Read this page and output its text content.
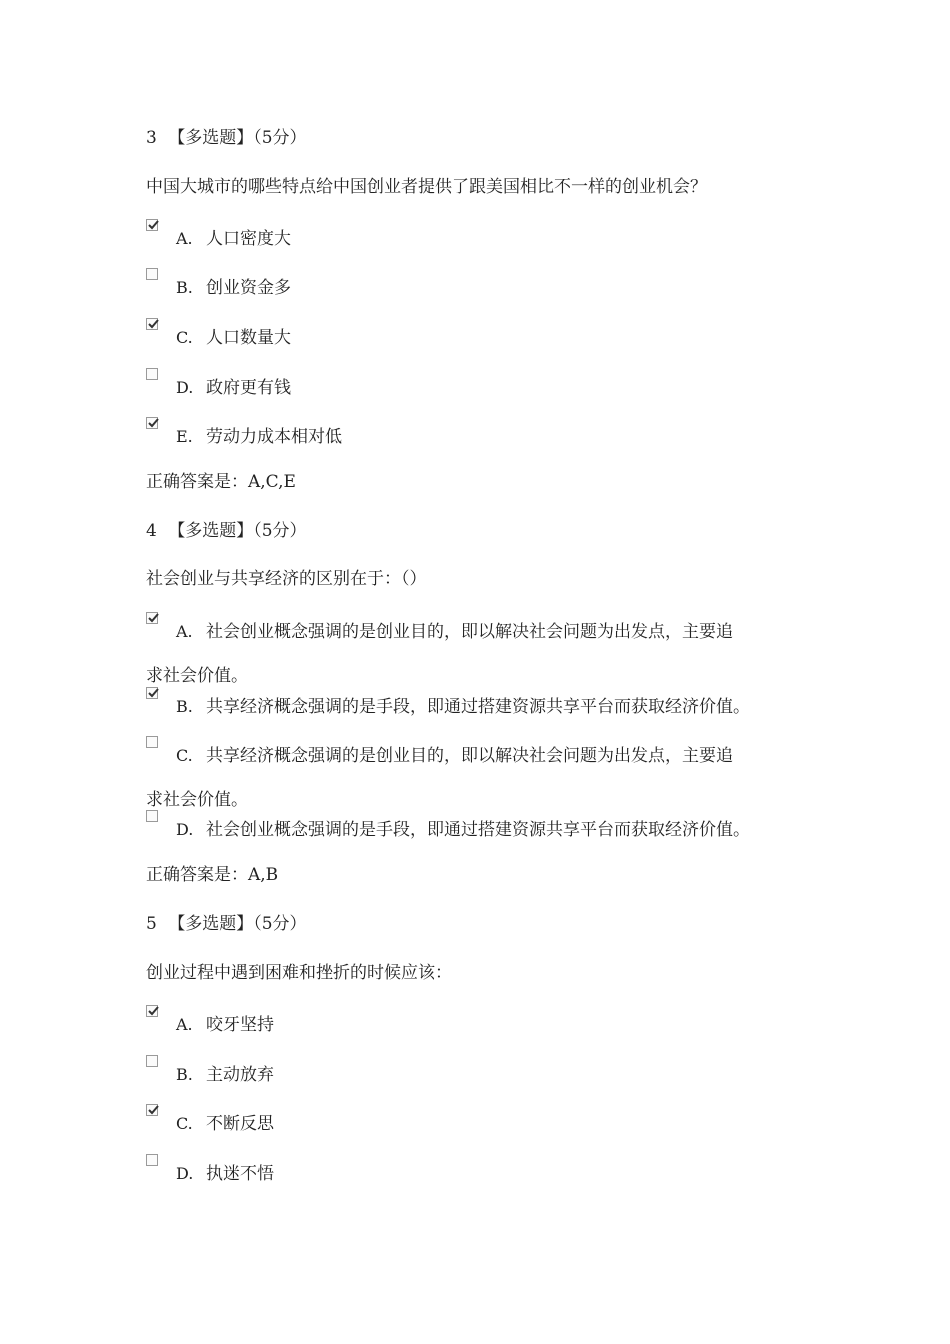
3 【多选题】（5分）
中国大城市的哪些特点给中国创业者提供了跟美国相比不一样的创业机会？
A. 人口密度大
B. 创业资金多
C. 人口数量大
D. 政府更有钱
E. 劳动力成本相对低
正确答案是：A,C,E
4 【多选题】（5分）
社会创业与共享经济的区别在于：（）
A. 社会创业概念强调的是创业目的，即以解决社会问题为出发点，主要追
求社会价值。
B. 共享经济概念强调的是手段，即通过搭建资源共享平台而获取经济价值。
C. 共享经济概念强调的是创业目的，即以解决社会问题为出发点，主要追
求社会价值。
D. 社会创业概念强调的是手段，即通过搭建资源共享平台而获取经济价值。
正确答案是：A,B
5 【多选题】（5分）
创业过程中遇到困难和挫折的时候应该：
A. 咬牙坚持
B. 主动放弃
C. 不断反思
D. 执迷不悟
